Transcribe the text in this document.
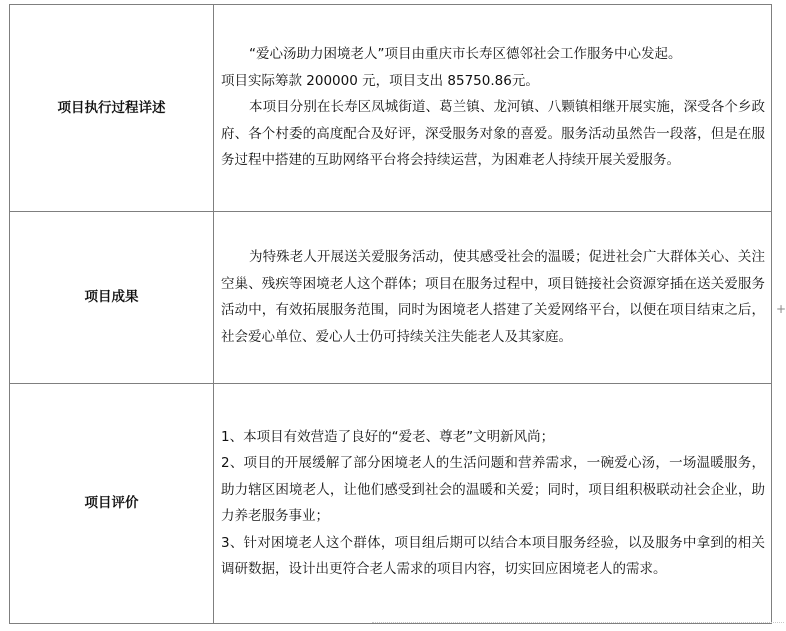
项目执行过程详述	“爱心汤助力困境老人”项目由重庆市长寿区德邻社会工作服务中心发起。

项目实际筹款 200000 元，项目支出 85750.86元。

本项目分别在长寿区凤城街道、葛兰镇、龙河镇、八颗镇相继开展实施，深受各个乡政府、各个村委的高度配合及好评，深受服务对象的喜爱。服务活动虽然告一段落，但是在服务过程中搭建的互助网络平台将会持续运营，为困难老人持续开展关爱服务。

项目成果	为特殊老人开展送关爱服务活动，使其感受社会的温暖；促进社会广大群体关心、关注空巢、残疾等困境老人这个群体；项目在服务过程中，项目链接社会资源穿插在送关爱服务活动中，有效拓展服务范围，同时为困境老人搭建了关爱网络平台，以便在项目结束之后，社会爱心单位、爱心人士仍可持续关注失能老人及其家庭。

项目评价	1、本项目有效营造了良好的“爱老、尊老”文明新风尚；

2、项目的开展缓解了部分困境老人的生活问题和营养需求，一碗爱心汤，一场温暖服务，助力辖区困境老人，让他们感受到社会的温暖和关爱；同时，项目组积极联动社会企业，助力养老服务事业；

3、针对困境老人这个群体，项目组后期可以结合本项目服务经验，以及服务中拿到的相关调研数据，设计出更符合老人需求的项目内容，切实回应困境老人的需求。

+
